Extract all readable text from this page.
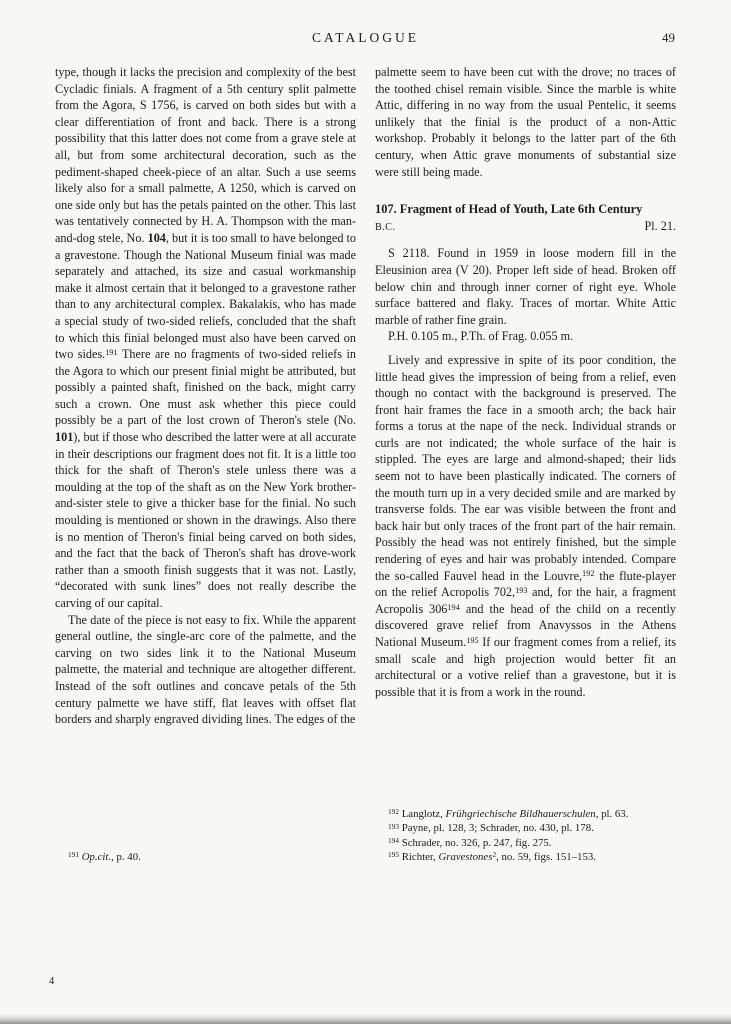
CATALOGUE	49

type, though it lacks the precision and complexity of the best Cycladic finials. A fragment of a 5th century split palmette from the Agora, S 1756, is carved on both sides but with a clear differentiation of front and back. There is a strong possibility that this latter does not come from a grave stele at all, but from some architectural decoration, such as the pediment-shaped cheek-piece of an altar. Such a use seems likely also for a small palmette, A 1250, which is carved on one side only but has the petals painted on the other. This last was tentatively connected by H. A. Thompson with the man-and-dog stele, No. 104, but it is too small to have belonged to a gravestone. Though the National Museum finial was made separately and attached, its size and casual workmanship make it almost certain that it belonged to a gravestone rather than to any architectural complex. Bakalakis, who has made a special study of two-sided reliefs, concluded that the shaft to which this finial belonged must also have been carved on two sides.$^{191}$ There are no fragments of two-sided reliefs in the Agora to which our present finial might be attributed, but possibly a painted shaft, finished on the back, might carry such a crown. One must ask whether this piece could possibly be a part of the lost crown of Theron's stele (No. 101), but if those who described the latter were at all accurate in their descriptions our fragment does not fit. It is a little too thick for the shaft of Theron's stele unless there was a moulding at the top of the shaft as on the New York brother-and-sister stele to give a thicker base for the finial. No such moulding is mentioned or shown in the drawings. Also there is no mention of Theron's finial being carved on both sides, and the fact that the back of Theron's shaft has drove-work rather than a smooth finish suggests that it was not. Lastly, “decorated with sunk lines” does not really describe the carving of our capital.

The date of the piece is not easy to fix. While the apparent general outline, the single-arc core of the palmette, and the carving on two sides link it to the National Museum palmette, the material and technique are altogether different. Instead of the soft outlines and concave petals of the 5th century palmette we have stiff, flat leaves with offset flat borders and sharply engraved dividing lines. The edges of the

$^{191}$ Op.cit., p. 40.

palmette seem to have been cut with the drove; no traces of the toothed chisel remain visible. Since the marble is white Attic, differing in no way from the usual Pentelic, it seems unlikely that the finial is the product of a non-Attic workshop. Probably it belongs to the latter part of the 6th century, when Attic grave monuments of substantial size were still being made.

107. Fragment of Head of Youth, Late 6th Century

B.C.	Pl. 21.

S 2118. Found in 1959 in loose modern fill in the Eleusinion area (V 20). Proper left side of head. Broken off below chin and through inner corner of right eye. Whole surface battered and flaky. Traces of mortar. White Attic marble of rather fine grain.

P.H. 0.105 m., P.Th. of Frag. 0.055 m.

Lively and expressive in spite of its poor condition, the little head gives the impression of being from a relief, even though no contact with the background is preserved. The front hair frames the face in a smooth arch; the back hair forms a torus at the nape of the neck. Individual strands or curls are not indicated; the whole surface of the hair is stippled. The eyes are large and almond-shaped; their lids seem not to have been plastically indicated. The corners of the mouth turn up in a very decided smile and are marked by transverse folds. The ear was visible between the front and back hair but only traces of the front part of the hair remain. Possibly the head was not entirely finished, but the simple rendering of eyes and hair was probably intended. Compare the so-called Fauvel head in the Louvre,$^{192}$ the flute-player on the relief Acropolis 702,$^{193}$ and, for the hair, a fragment Acropolis $306^{194}$ and the head of the child on a recently discovered grave relief from Anavyssos in the Athens National Museum.$^{195}$ If our fragment comes from a relief, its small scale and high projection would better fit an architectural or a votive relief than a gravestone, but it is possible that it is from a work in the round.

$^{192}$ Langlotz, Frühgriechische Bildhauerschulen, pl. 63.

$^{193}$ Payne, pl. 128, 3; Schrader, no. 430, pl. 178.

$^{194}$ Schrader, no. 326, p. 247, fig. 275.

$^{195}$ Richter, Gravestones$^2$, no. 59, figs. 151–153.

4
